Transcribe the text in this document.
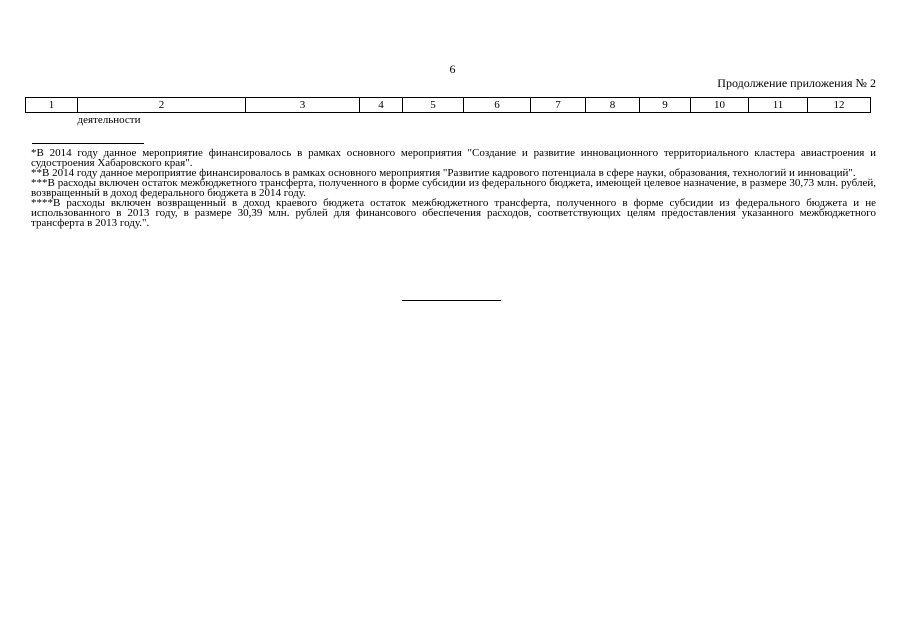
6
Продолжение приложения № 2
1	2	3	4	5	6	7	8	9	10	11	12
	деятельности										

*В 2014 году данное мероприятие финансировалось в рамках основного мероприятия "Создание и развитие инновационного территориального кластера авиастроения и судостроения Хабаровского края".

**В 2014 году данное мероприятие финансировалось в рамках основного мероприятия "Развитие кадрового потенциала в сфере науки, образования, технологий и инноваций".

***В расходы включен остаток межбюджетного трансферта, полученного в форме субсидии из федерального бюджета, имеющей целевое назначение, в размере 30,73 млн. рублей, возвращенный в доход федерального бюджета в 2014 году.

****В расходы включен возвращенный в доход краевого бюджета остаток межбюджетного трансферта, полученного в форме субсидии из федерального бюджета и не использованного в 2013 году, в размере 30,39 млн. рублей для финансового обеспечения расходов, соответствующих целям предоставления указанного межбюджетного трансферта в 2013 году.".
